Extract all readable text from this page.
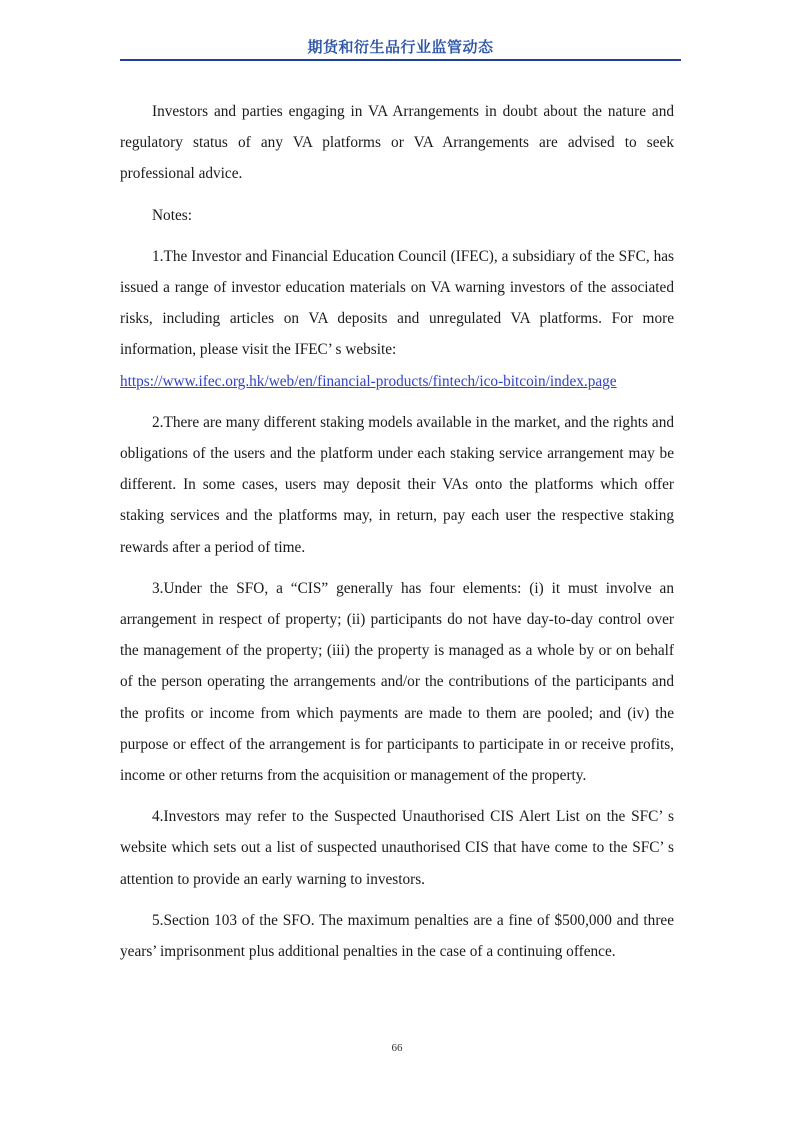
期货和衍生品行业监管动态

Investors and parties engaging in VA Arrangements in doubt about the nature and regulatory status of any VA platforms or VA Arrangements are advised to seek professional advice.

Notes:

1.The Investor and Financial Education Council (IFEC), a subsidiary of the SFC, has issued a range of investor education materials on VA warning investors of the associated risks, including articles on VA deposits and unregulated VA platforms. For more information, please visit the IFEC’ s website:

https://www.ifec.org.hk/web/en/financial-products/fintech/ico-bitcoin/index.page

2.There are many different staking models available in the market, and the rights and obligations of the users and the platform under each staking service arrangement may be different. In some cases, users may deposit their VAs onto the platforms which offer staking services and the platforms may, in return, pay each user the respective staking rewards after a period of time.

3.Under the SFO, a “CIS” generally has four elements: (i) it must involve an arrangement in respect of property; (ii) participants do not have day-to-day control over the management of the property; (iii) the property is managed as a whole by or on behalf of the person operating the arrangements and/or the contributions of the participants and the profits or income from which payments are made to them are pooled; and (iv) the purpose or effect of the arrangement is for participants to participate in or receive profits, income or other returns from the acquisition or management of the property.

4.Investors may refer to the Suspected Unauthorised CIS Alert List on the SFC’ s website which sets out a list of suspected unauthorised CIS that have come to the SFC’ s attention to provide an early warning to investors.

5.Section 103 of the SFO. The maximum penalties are a fine of $500,000 and three years’ imprisonment plus additional penalties in the case of a continuing offence.

66
